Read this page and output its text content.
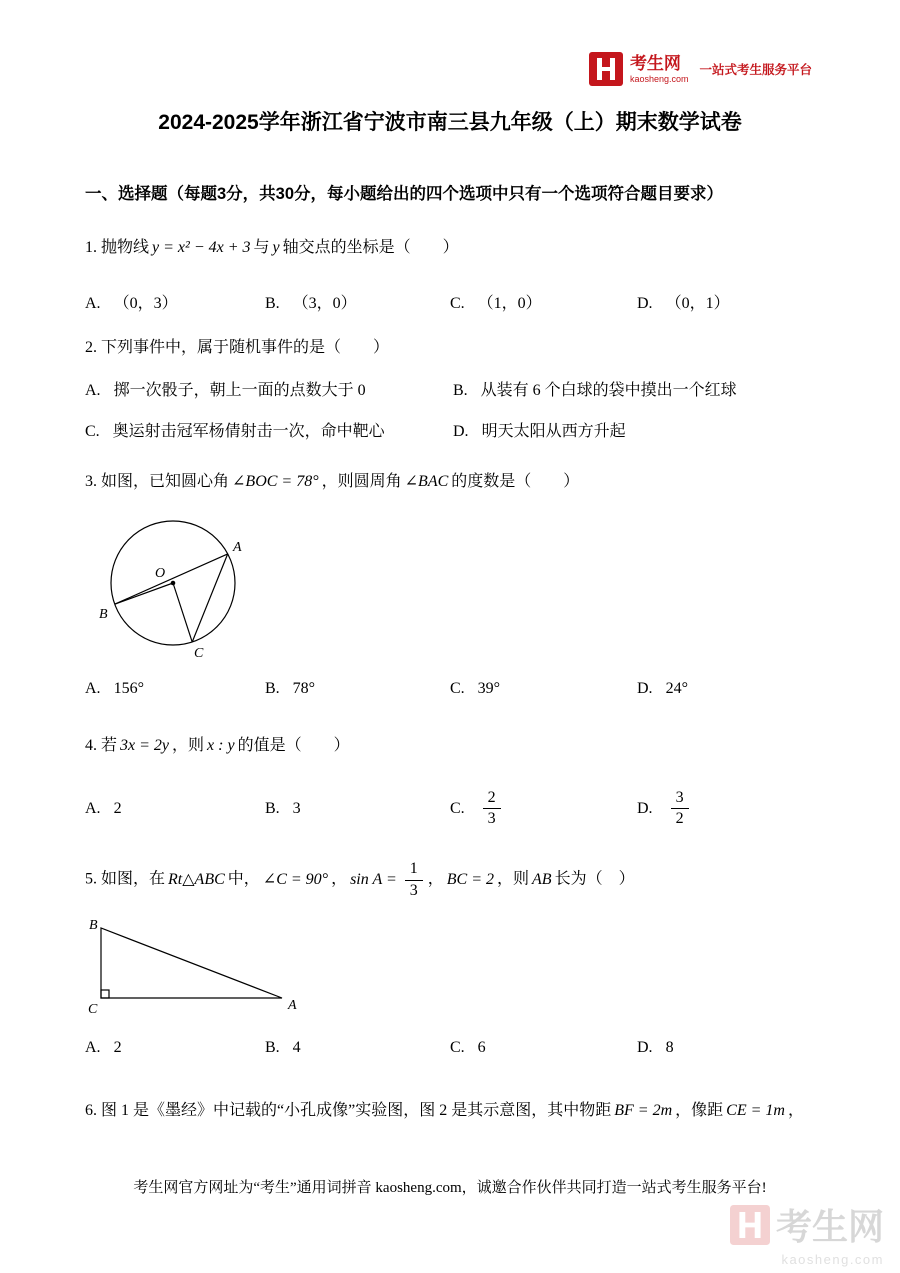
考生网
kaosheng.com
一站式考生服务平台
2024-2025学年浙江省宁波市南三县九年级（上）期末数学试卷
一、选择题（每题3分，共30分，每小题给出的四个选项中只有一个选项符合题目要求）
1. 抛物线 y = x² − 4x + 3 与 y 轴交点的坐标是（　　）
A. （0，3）	B. （3，0）	C. （1，0）	D. （0，1）
2. 下列事件中，属于随机事件的是（　　）
A. 掷一次骰子，朝上一面的点数大于 0	B. 从装有 6 个白球的袋中摸出一个红球
C. 奥运射击冠军杨倩射击一次，命中靶心	D. 明天太阳从西方升起
3. 如图，已知圆心角 ∠BOC = 78° ，则圆周角 ∠BAC 的度数是（　　）
O
A
B
C
A. 156°	B. 78°	C. 39°	D. 24°
4. 若 3x = 2y ，则 x : y 的值是（　　）
A. 2	B. 3	C. $\frac{2}{3}$	D. $\frac{3}{2}$
5. 如图，在 Rt△ABC 中， ∠C = 90° ， $\sin A = \frac{1}{3}$ ， BC = 2 ，则 AB 长为（　）
B
C	A
A. 2	B. 4	C. 6	D. 8
6. 图 1 是《墨经》中记载的“小孔成像”实验图，图 2 是其示意图，其中物距 BF = 2m ，像距 CE = 1m ，
考生网官方网址为“考生”通用词拼音 kaosheng.com，诚邀合作伙伴共同打造一站式考生服务平台!
考生网
kaosheng.com
